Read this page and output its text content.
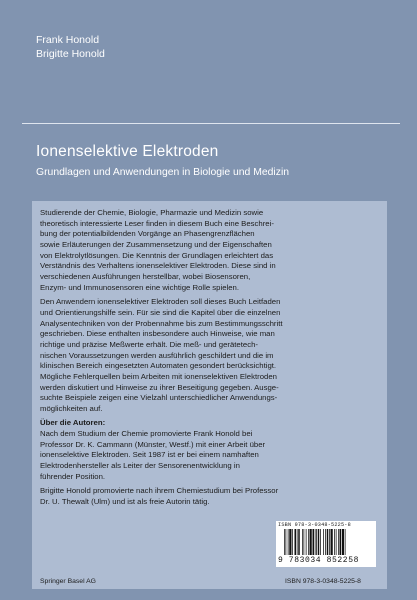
Frank Honold
Brigitte Honold
Ionenselektive Elektroden
Grundlagen und Anwendungen in Biologie und Medizin

Studierende der Chemie, Biologie, Pharmazie und Medizin sowie
theoretisch interessierte Leser finden in diesem Buch eine Beschrei-
bung der potentialbildenden Vorgänge an Phasengrenzflächen
sowie Erläuterungen der Zusammensetzung und der Eigenschaften
von Elektrolytlösungen. Die Kenntnis der Grundlagen erleichtert das
Verständnis des Verhaltens ionenselektiver Elektroden. Diese sind in
verschiedenen Ausführungen herstellbar, wobei Biosensoren,
Enzym- und Immunosensoren eine wichtige Rolle spielen.

Den Anwendern ionenselektiver Elektroden soll dieses Buch Leitfaden
und Orientierungshilfe sein. Für sie sind die Kapitel über die einzelnen
Analysentechniken von der Probennahme bis zum Bestimmungsschritt
geschrieben. Diese enthalten insbesondere auch Hinweise, wie man
richtige und präzise Meßwerte erhält. Die meß- und gerätetech-
nischen Voraussetzungen werden ausführlich geschildert und die im
klinischen Bereich eingesetzten Automaten gesondert berücksichtigt.
Mögliche Fehlerquellen beim Arbeiten mit ionenselektiven Elektroden
werden diskutiert und Hinweise zu ihrer Beseitigung gegeben. Ausge-
suchte Beispiele zeigen eine Vielzahl unterschiedlicher Anwendungs-
möglichkeiten auf.

Über die Autoren:

Nach dem Studium der Chemie promovierte Frank Honold bei
Professor Dr. K. Cammann (Münster, Westf.) mit einer Arbeit über
ionenselektive Elektroden. Seit 1987 ist er bei einem namhaften
Elektrodenhersteller als Leiter der Sensorenentwicklung in
führender Position.

Brigitte Honold promovierte nach ihrem Chemiestudium bei Professor
Dr. U. Thewalt (Ulm) und ist als freie Autorin tätig.

ISBN 978-3-0348-5225-8
9 783034 852258
Springer Basel AG	ISBN 978-3-0348-5225-8
